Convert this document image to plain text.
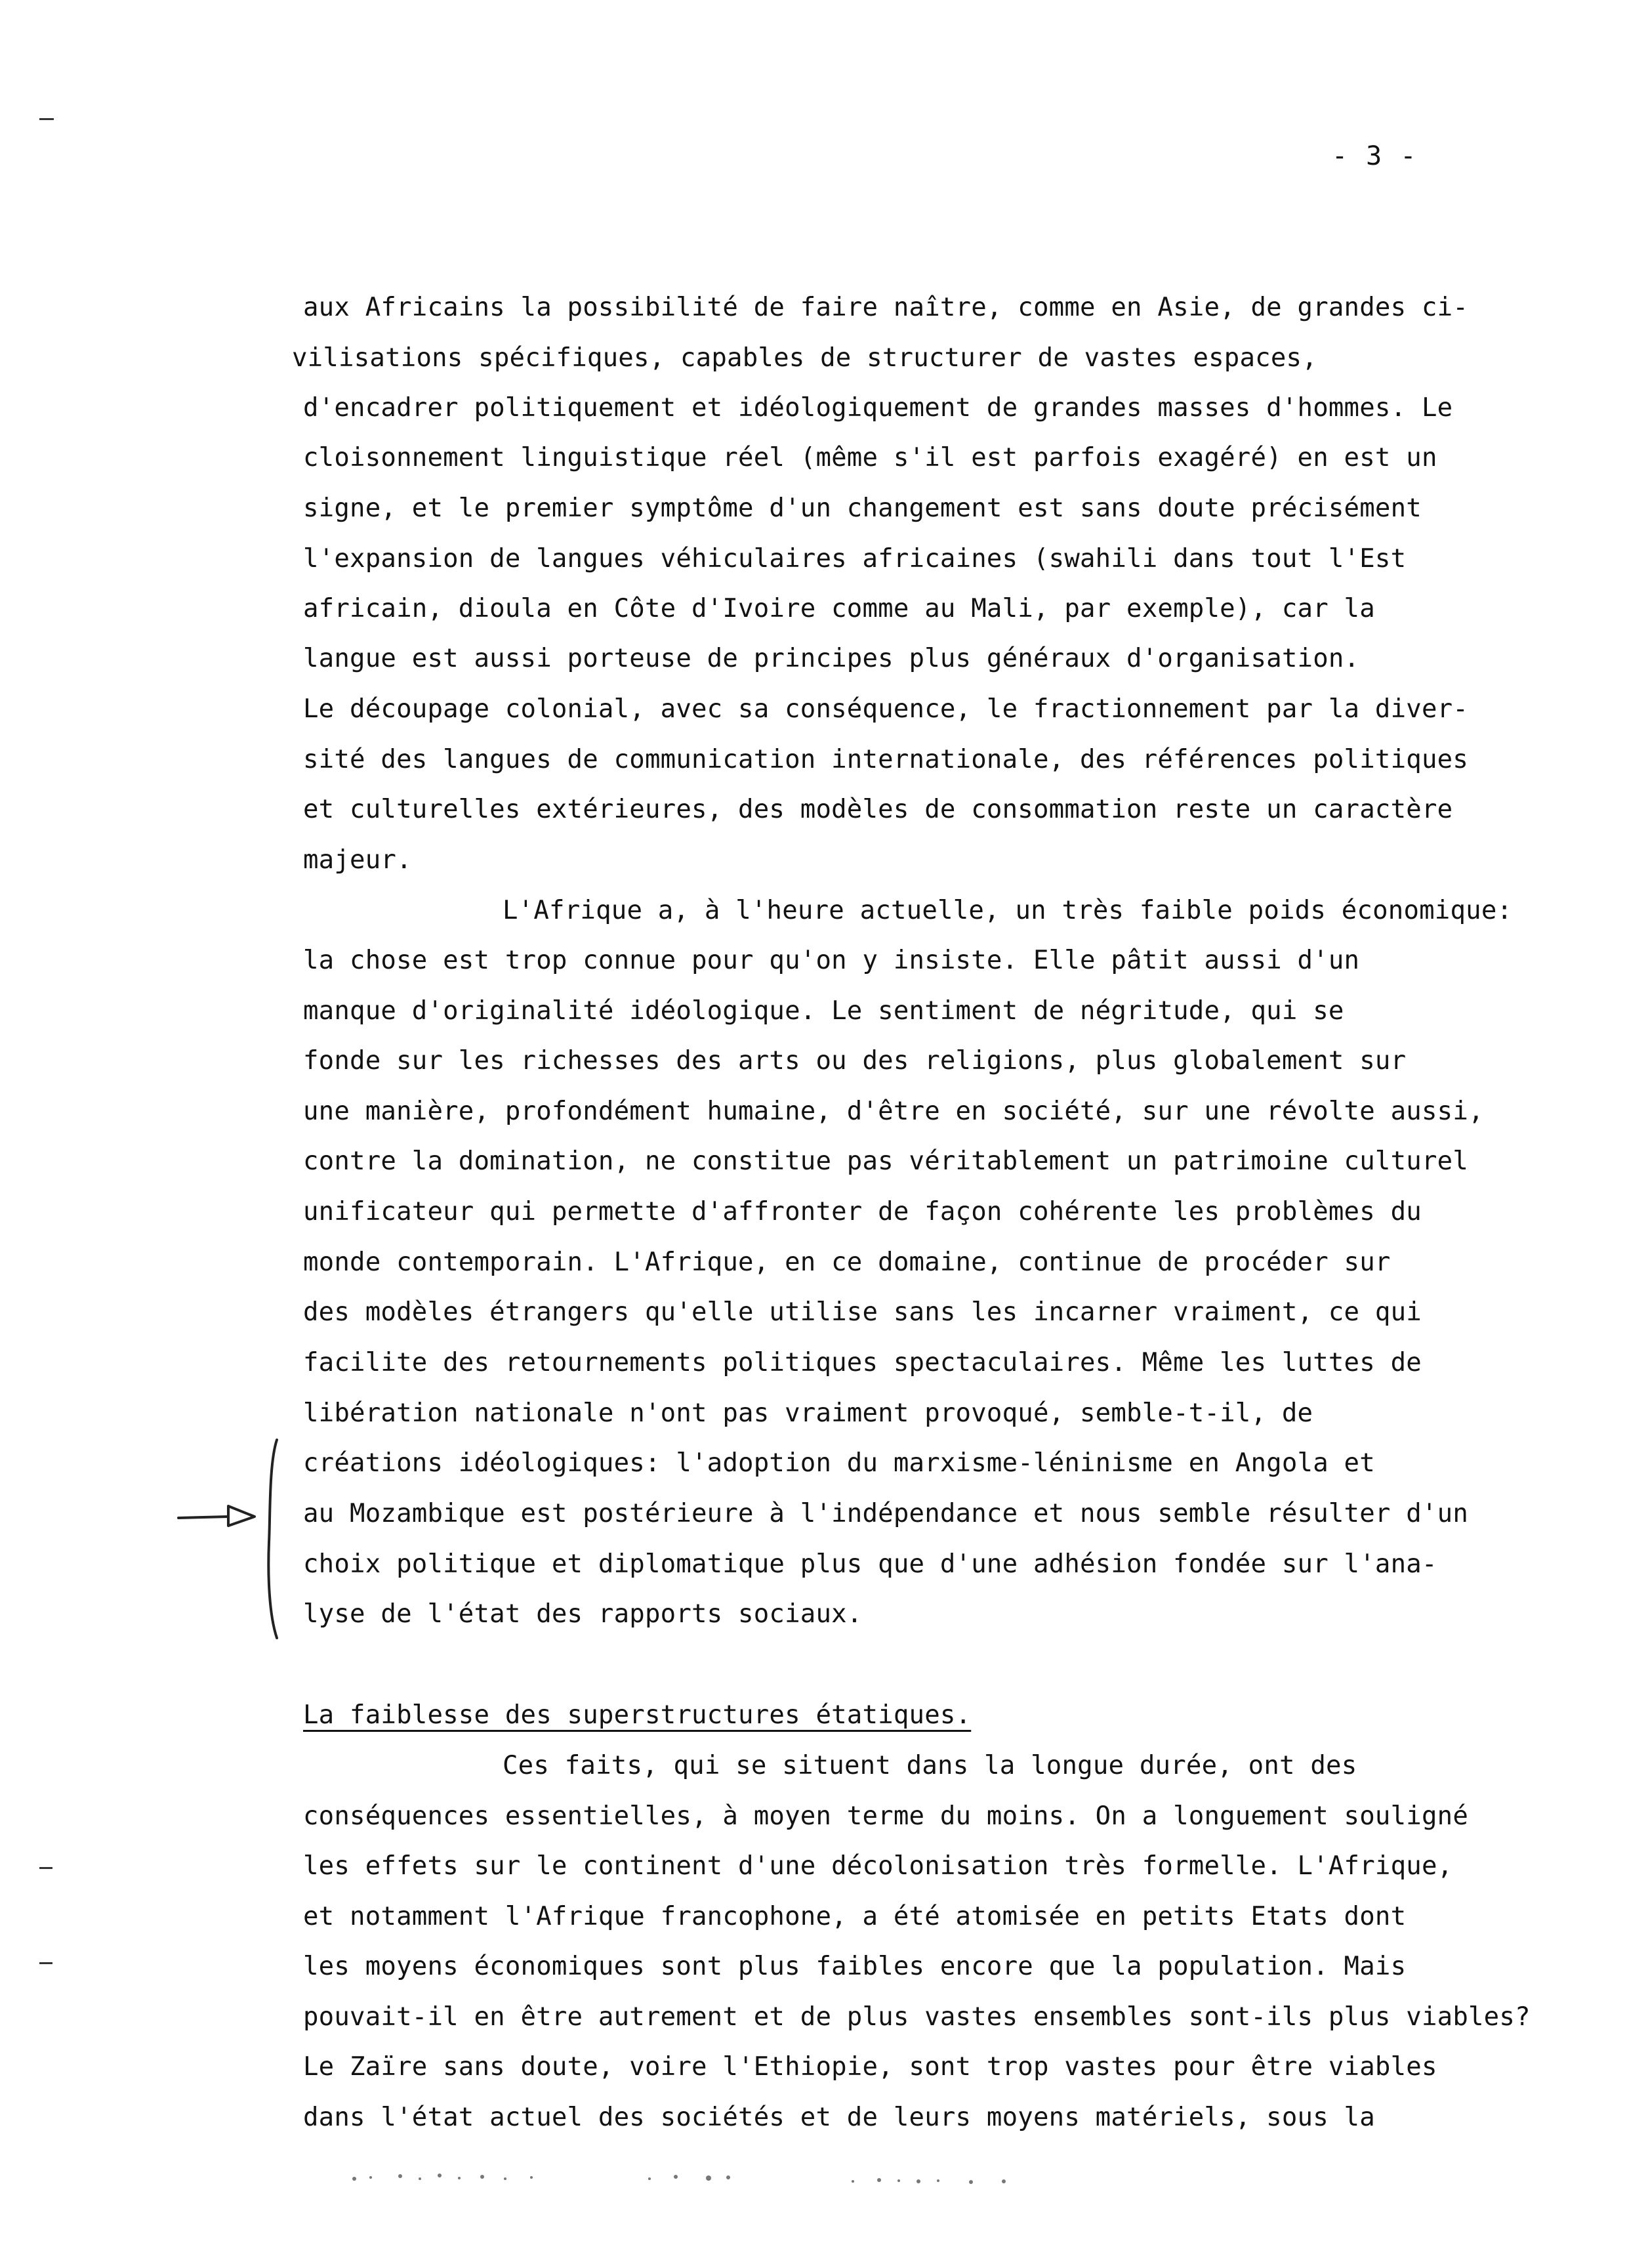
- 3 -
aux Africains la possibilité de faire naître, comme en Asie, de grandes ci-
vilisations spécifiques, capables de structurer de vastes espaces,
d'encadrer politiquement et idéologiquement de grandes masses d'hommes. Le
cloisonnement linguistique réel (même s'il est parfois exagéré) en est un
signe, et le premier symptôme d'un changement est sans doute précisément
l'expansion de langues véhiculaires africaines (swahili dans tout l'Est
africain, dioula en Côte d'Ivoire comme au Mali, par exemple), car la
langue est aussi porteuse de principes plus généraux d'organisation.
Le découpage colonial, avec sa conséquence, le fractionnement par la diver-
sité des langues de communication internationale, des références politiques
et culturelles extérieures, des modèles de consommation reste un caractère
majeur.
L'Afrique a, à l'heure actuelle, un très faible poids économique:
la chose est trop connue pour qu'on y insiste. Elle pâtit aussi d'un
manque d'originalité idéologique. Le sentiment de négritude, qui se
fonde sur les richesses des arts ou des religions, plus globalement sur
une manière, profondément humaine, d'être en société, sur une révolte aussi,
contre la domination, ne constitue pas véritablement un patrimoine culturel
unificateur qui permette d'affronter de façon cohérente les problèmes du
monde contemporain. L'Afrique, en ce domaine, continue de procéder sur
des modèles étrangers qu'elle utilise sans les incarner vraiment, ce qui
facilite des retournements politiques spectaculaires. Même les luttes de
libération nationale n'ont pas vraiment provoqué, semble-t-il, de
créations idéologiques: l'adoption du marxisme-léninisme en Angola et
au Mozambique est postérieure à l'indépendance et nous semble résulter d'un
choix politique et diplomatique plus que d'une adhésion fondée sur l'ana-
lyse de l'état des rapports sociaux.
La faiblesse des superstructures étatiques.
Ces faits, qui se situent dans la longue durée, ont des
conséquences essentielles, à moyen terme du moins. On a longuement souligné
les effets sur le continent d'une décolonisation très formelle. L'Afrique,
et notamment l'Afrique francophone, a été atomisée en petits Etats dont
les moyens économiques sont plus faibles encore que la population. Mais
pouvait-il en être autrement et de plus vastes ensembles sont-ils plus viables?
Le Zaïre sans doute, voire l'Ethiopie, sont trop vastes pour être viables
dans l'état actuel des sociétés et de leurs moyens matériels, sous la
